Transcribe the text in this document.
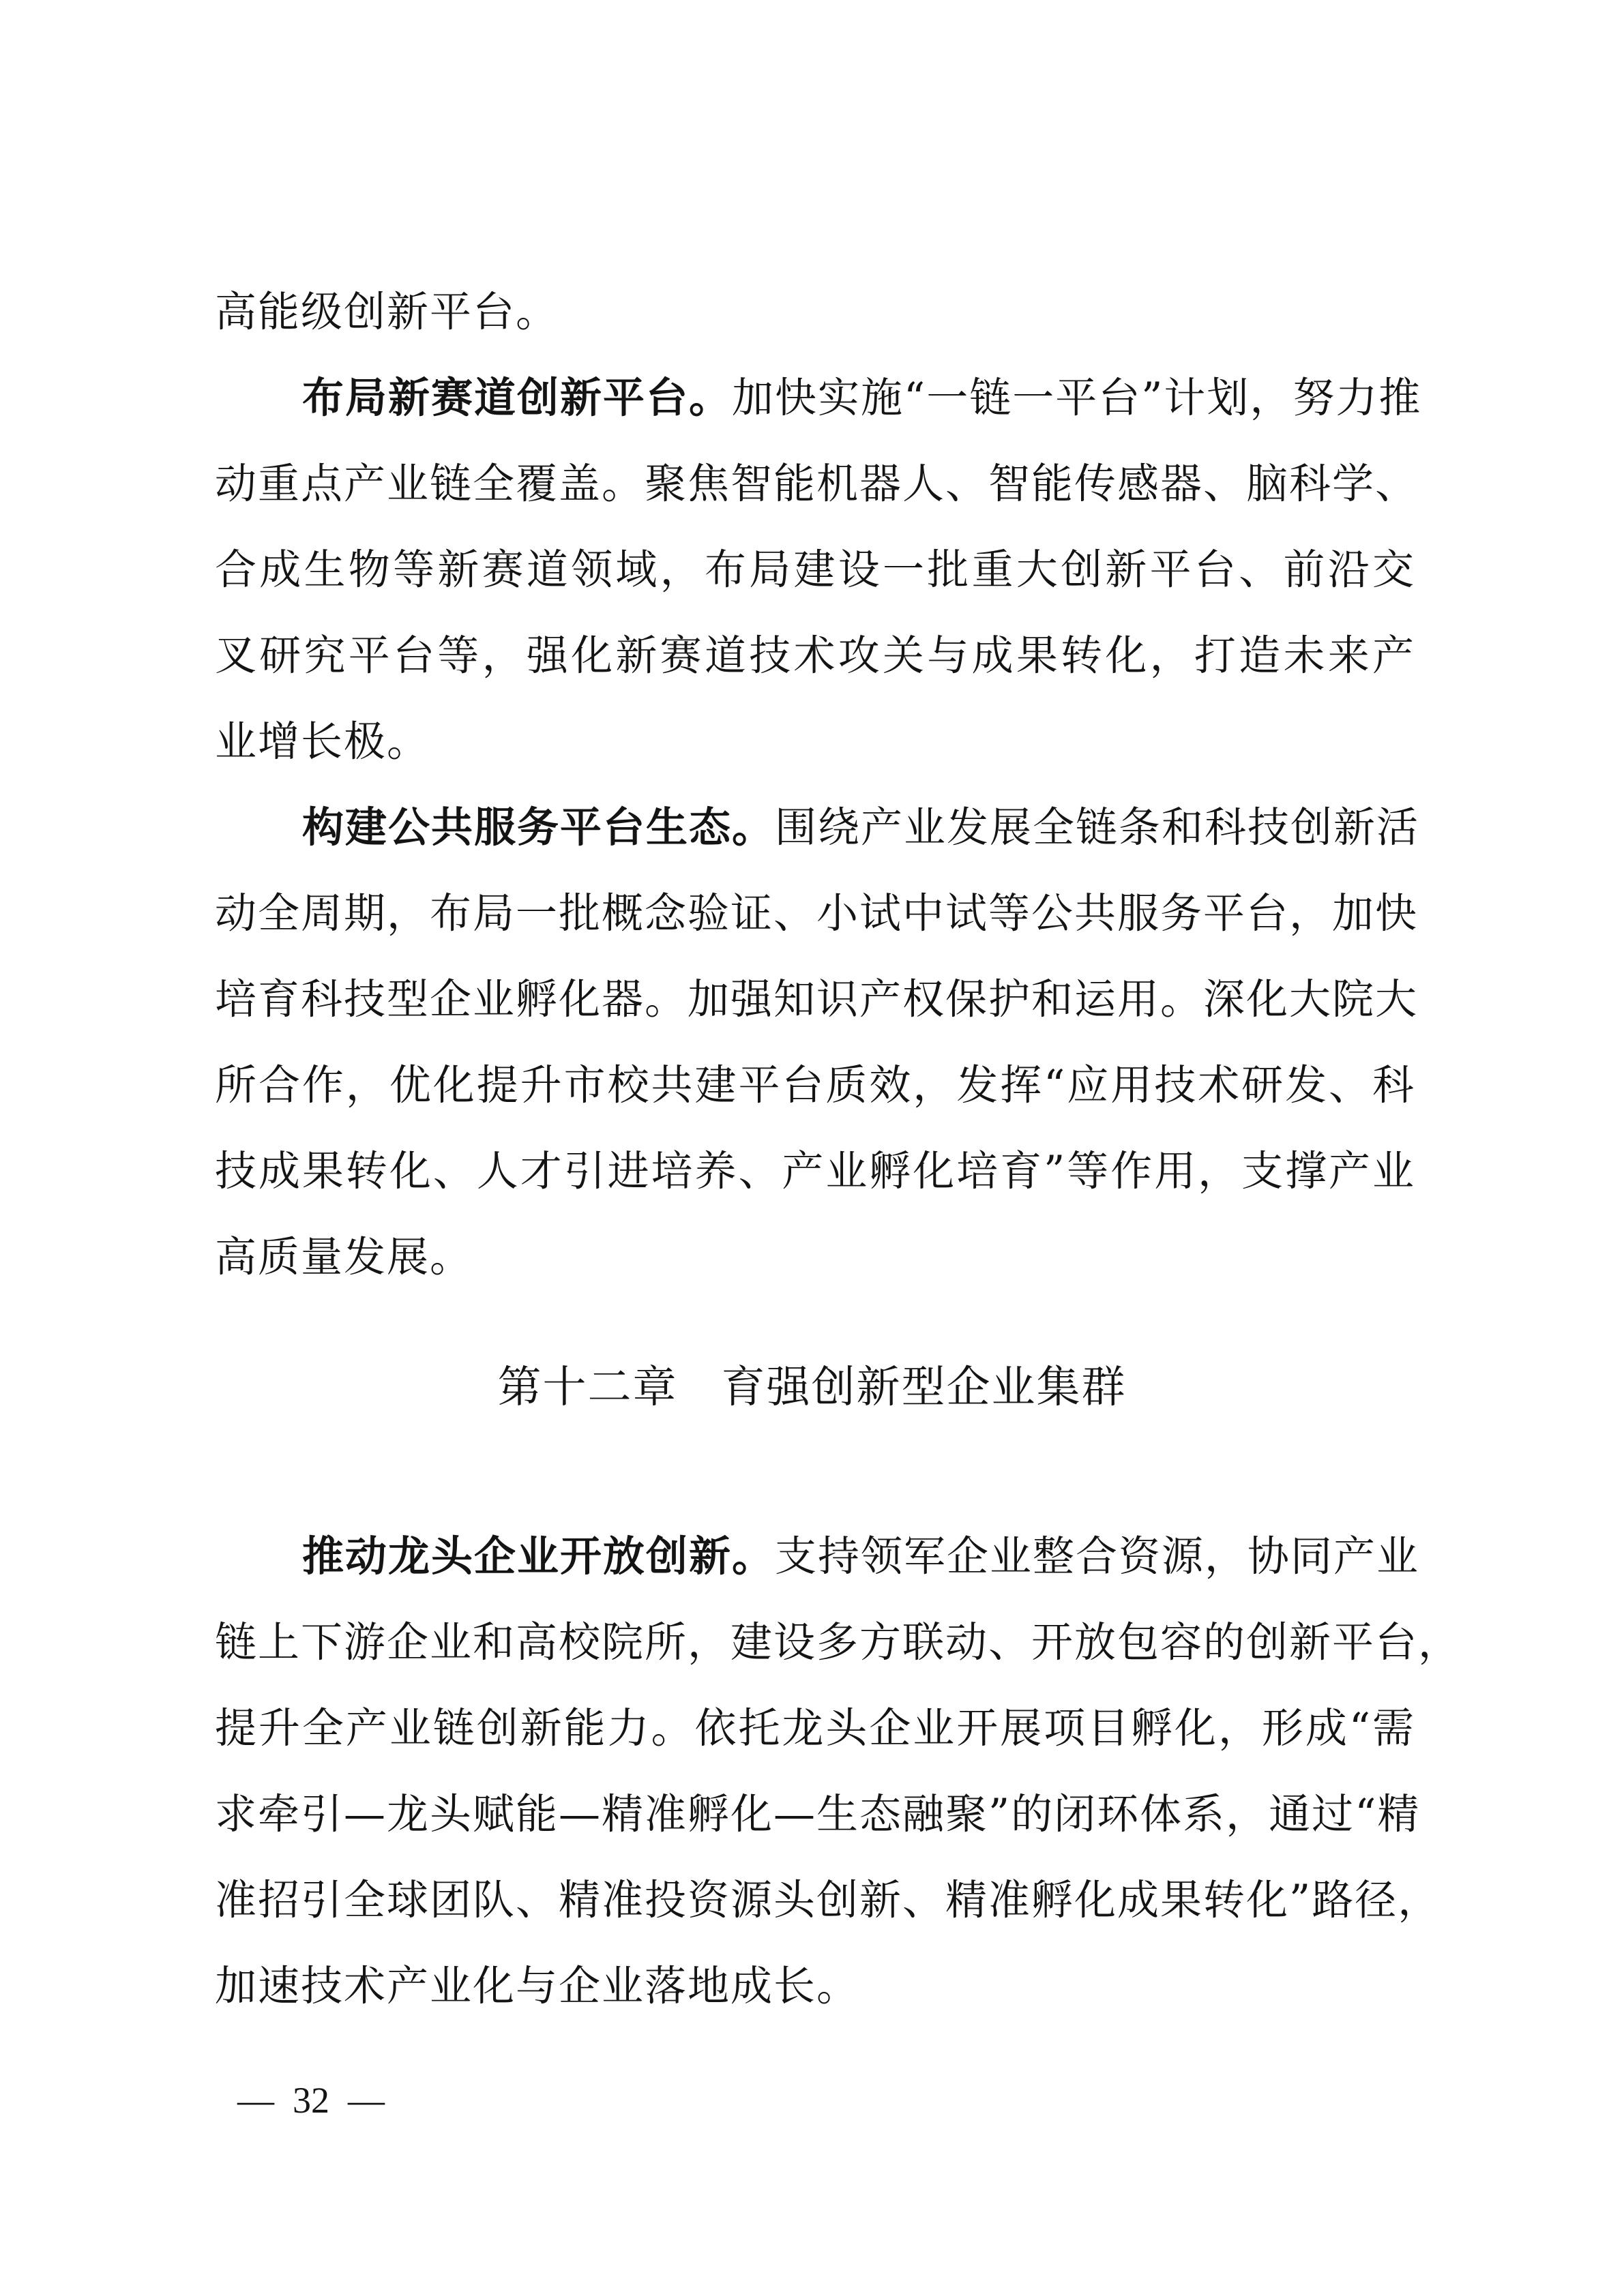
高能级创新平台。
布局新赛道创新平台。加快实施“一链一平台”计划，努力推
动重点产业链全覆盖。聚焦智能机器人、智能传感器、脑科学、
合成生物等新赛道领域，布局建设一批重大创新平台、前沿交
叉研究平台等，强化新赛道技术攻关与成果转化，打造未来产
业增长极。
构建公共服务平台生态。围绕产业发展全链条和科技创新活
动全周期，布局一批概念验证、小试中试等公共服务平台，加快
培育科技型企业孵化器。加强知识产权保护和运用。深化大院大
所合作，优化提升市校共建平台质效，发挥“应用技术研发、科
技成果转化、人才引进培养、产业孵化培育”等作用，支撑产业
高质量发展。
第十二章 育强创新型企业集群
推动龙头企业开放创新。支持领军企业整合资源，协同产业
链上下游企业和高校院所，建设多方联动、开放包容的创新平台，
提升全产业链创新能力。依托龙头企业开展项目孵化，形成“需
求牵引—龙头赋能—精准孵化—生态融聚”的闭环体系，通过“精
准招引全球团队、精准投资源头创新、精准孵化成果转化”路径，
加速技术产业化与企业落地成长。
—  32  —
